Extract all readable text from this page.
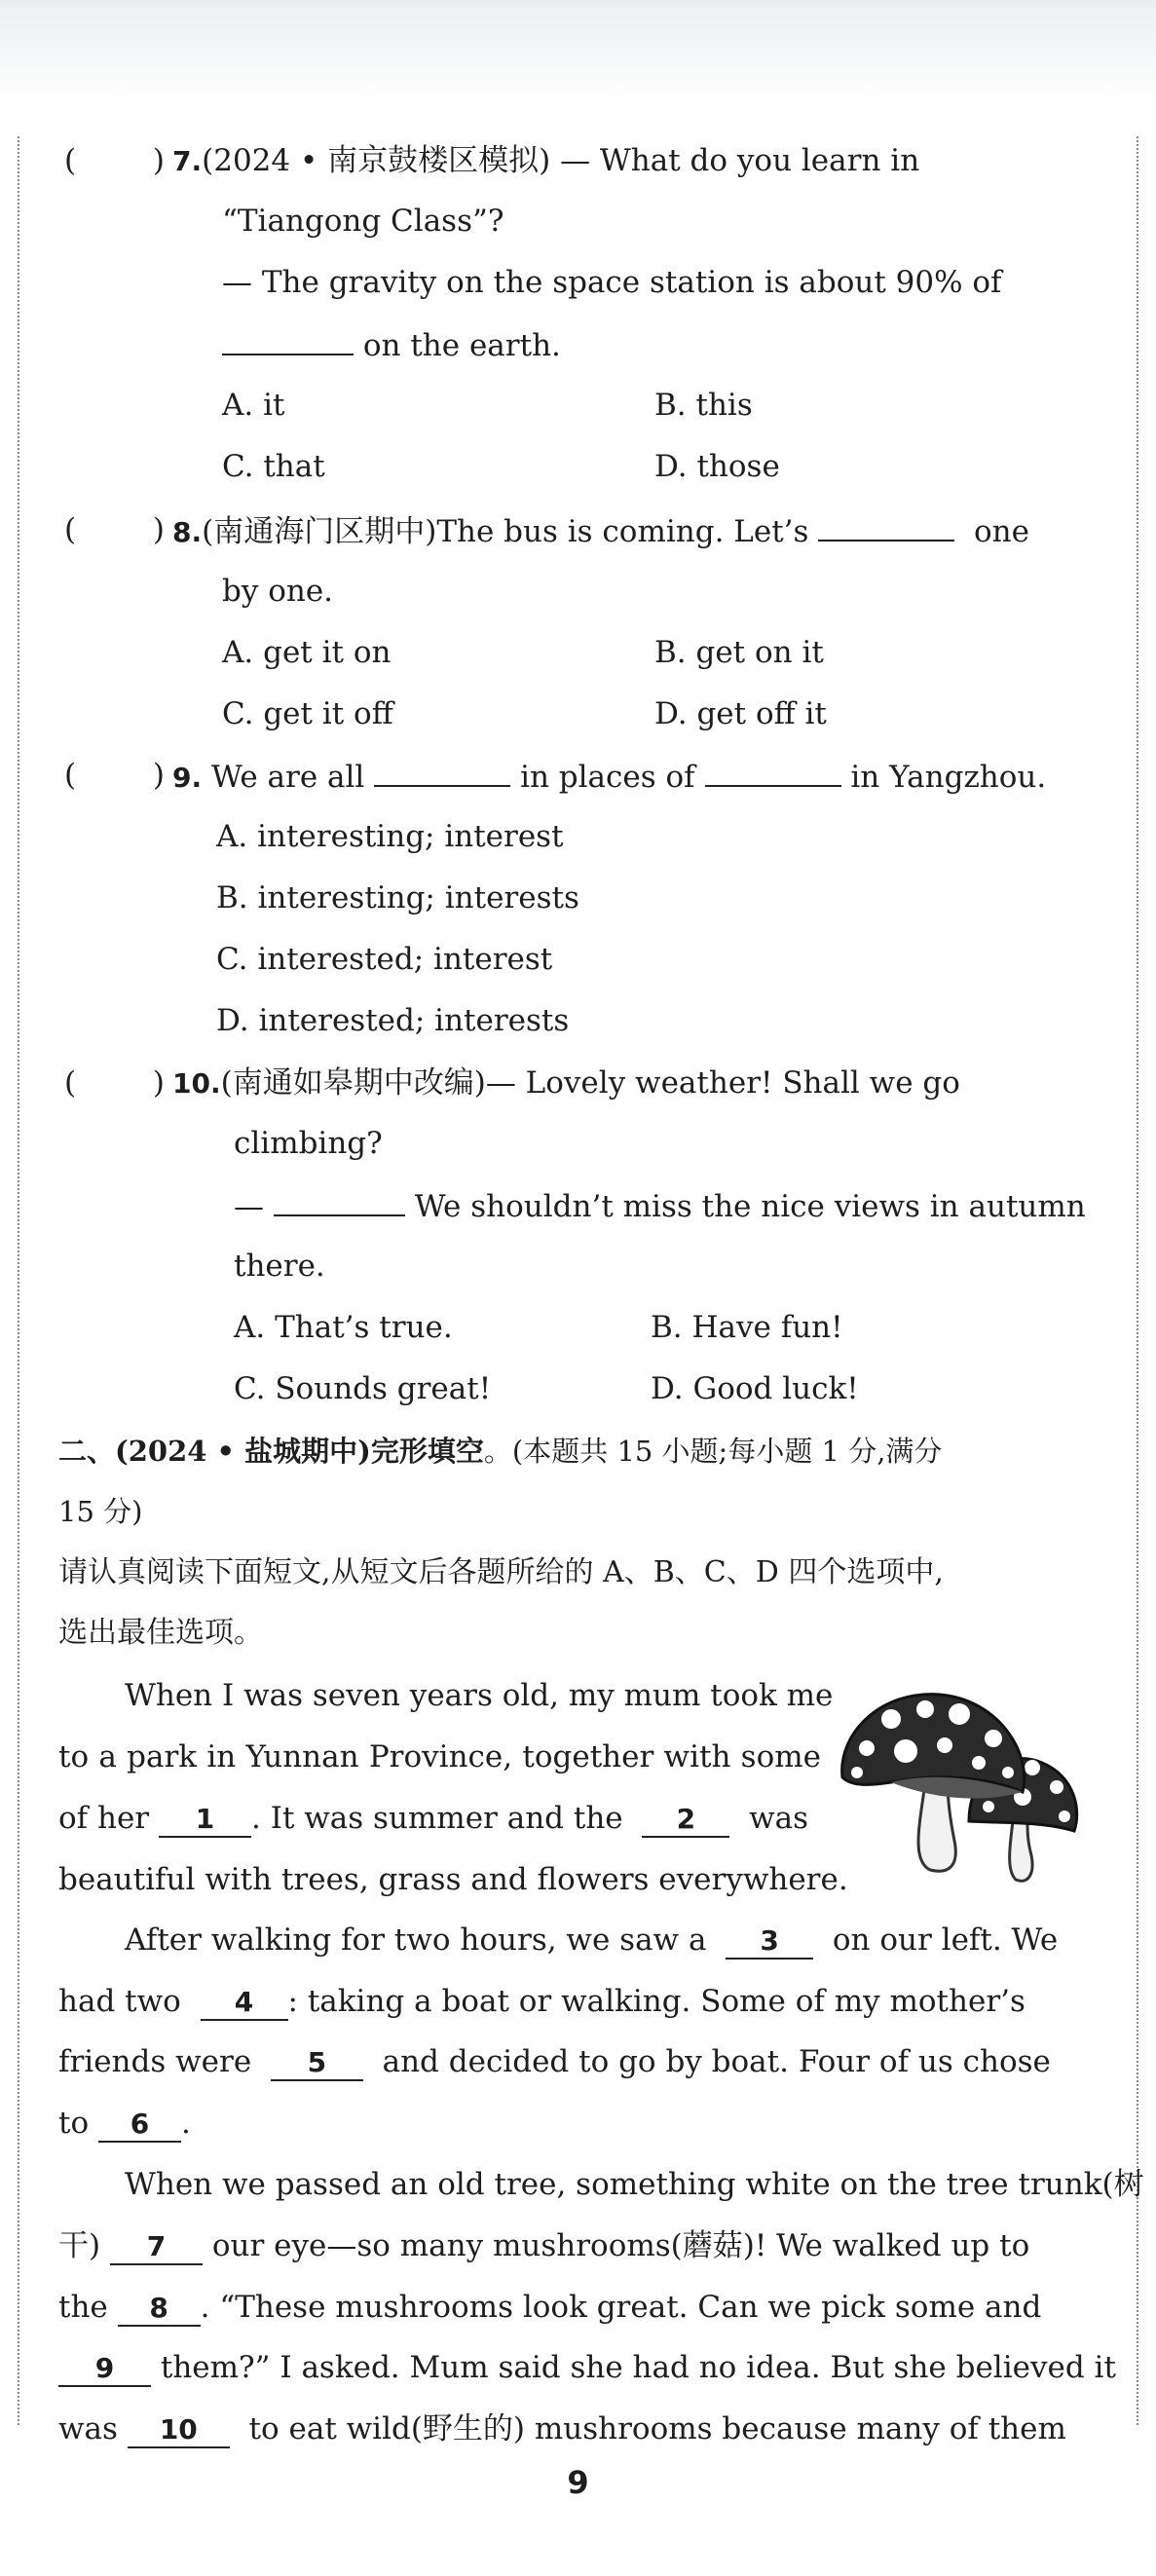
(        ) 7.(2024 • 南京鼓楼区模拟) — What do you learn in
“Tiangong Class”?
— The gravity on the space station is about 90% of
on the earth.
A. it	B. this
C. that	D. those
(        ) 8.(南通海门区期中)The bus is coming. Let’s	one
by one.
A. get it on	B. get on it
C. get it off	D. get off it
(        ) 9. We are all	in places of	in Yangzhou.
A. interesting; interest
B. interesting; interests
C. interested; interest
D. interested; interests
(        ) 10.(南通如皋期中改编)— Lovely weather! Shall we go
climbing?
—	We shouldn’t miss the nice views in autumn
there.
A. That’s true.	B. Have fun!
C. Sounds great!	D. Good luck!
二、(2024 • 盐城期中)完形填空。(本题共 15 小题;每小题 1 分,满分
15 分)
请认真阅读下面短文,从短文后各题所给的 A、B、C、D 四个选项中,
选出最佳选项。
When I was seven years old, my mum took me
to a park in Yunnan Province, together with some
of her 1 . It was summer and the 2 was
beautiful with trees, grass and flowers everywhere.
After walking for two hours, we saw a 3 on our left. We
had two 4 : taking a boat or walking. Some of my mother’s
friends were 5 and decided to go by boat. Four of us chose
to 6 .
When we passed an old tree, something white on the tree trunk(树
干) 7 our eye—so many mushrooms(蘑菇)! We walked up to
the 8 . “These mushrooms look great. Can we pick some and
9 them?” I asked. Mum said she had no idea. But she believed it
was 10 to eat wild(野生的) mushrooms because many of them
9
